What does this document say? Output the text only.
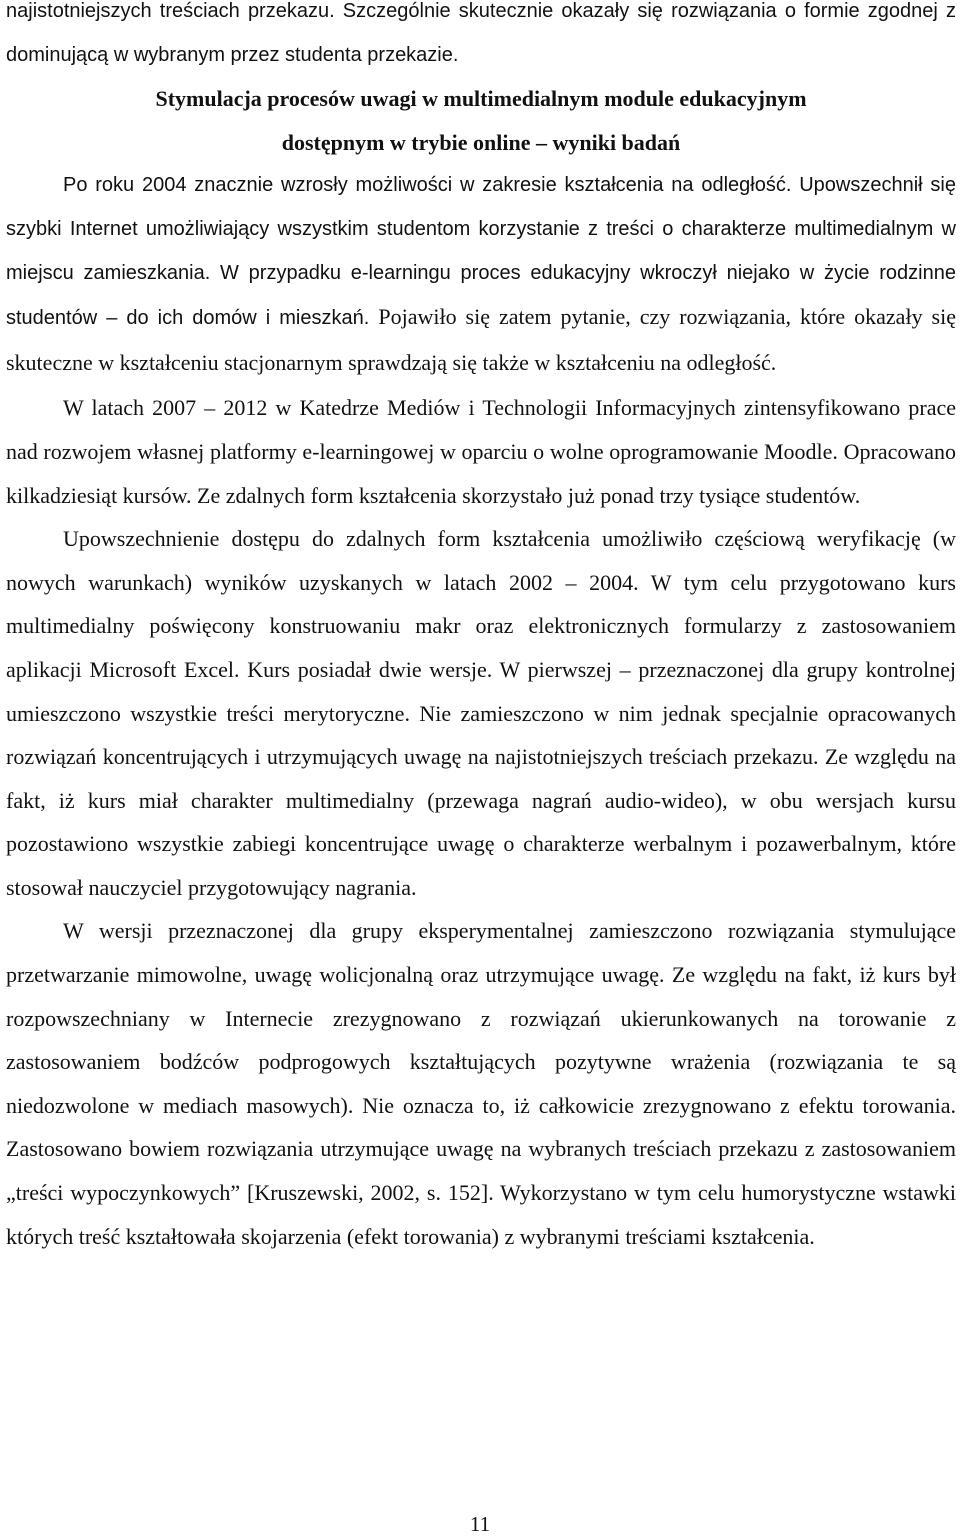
najistotniejszych treściach przekazu. Szczególnie skutecznie okazały się rozwiązania o formie zgodnej z dominującą w wybranym przez studenta przekazie.

Stymulacja procesów uwagi w multimedialnym module edukacyjnym
dostępnym w trybie online – wyniki badań

Po roku 2004 znacznie wzrosły możliwości w zakresie kształcenia na odległość. Upowszechnił się szybki Internet umożliwiający wszystkim studentom korzystanie z treści o charakterze multimedialnym w miejscu zamieszkania. W przypadku e-learningu proces edukacyjny wkroczył niejako w życie rodzinne studentów – do ich domów i mieszkań. Pojawiło się zatem pytanie, czy rozwiązania, które okazały się skuteczne w kształceniu stacjonarnym sprawdzają się także w kształceniu na odległość.

W latach 2007 – 2012 w Katedrze Mediów i Technologii Informacyjnych zintensyfikowano prace nad rozwojem własnej platformy e-learningowej w oparciu o wolne oprogramowanie Moodle. Opracowano kilkadziesiąt kursów. Ze zdalnych form kształcenia skorzystało już ponad trzy tysiące studentów.

Upowszechnienie dostępu do zdalnych form kształcenia umożliwiło częściową weryfikację (w nowych warunkach) wyników uzyskanych w latach 2002 – 2004. W tym celu przygotowano kurs multimedialny poświęcony konstruowaniu makr oraz elektronicznych formularzy z zastosowaniem aplikacji Microsoft Excel. Kurs posiadał dwie wersje. W pierwszej – przeznaczonej dla grupy kontrolnej umieszczono wszystkie treści merytoryczne. Nie zamieszczono w nim jednak specjalnie opracowanych rozwiązań koncentrujących i utrzymujących uwagę na najistotniejszych treściach przekazu. Ze względu na fakt, iż kurs miał charakter multimedialny (przewaga nagrań audio-wideo), w obu wersjach kursu pozostawiono wszystkie zabiegi koncentrujące uwagę o charakterze werbalnym i pozawerbalnym, które stosował nauczyciel przygotowujący nagrania.

W wersji przeznaczonej dla grupy eksperymentalnej zamieszczono rozwiązania stymulujące przetwarzanie mimowolne, uwagę wolicjonalną oraz utrzymujące uwagę. Ze względu na fakt, iż kurs był rozpowszechniany w Internecie zrezygnowano z rozwiązań ukierunkowanych na torowanie z zastosowaniem bodźców podprogowych kształtujących pozytywne wrażenia (rozwiązania te są niedozwolone w mediach masowych). Nie oznacza to, iż całkowicie zrezygnowano z efektu torowania. Zastosowano bowiem rozwiązania utrzymujące uwagę na wybranych treściach przekazu z zastosowaniem „treści wypoczynkowych” [Kruszewski, 2002, s. 152]. Wykorzystano w tym celu humorystyczne wstawki których treść kształtowała skojarzenia (efekt torowania) z wybranymi treściami kształcenia.

11
